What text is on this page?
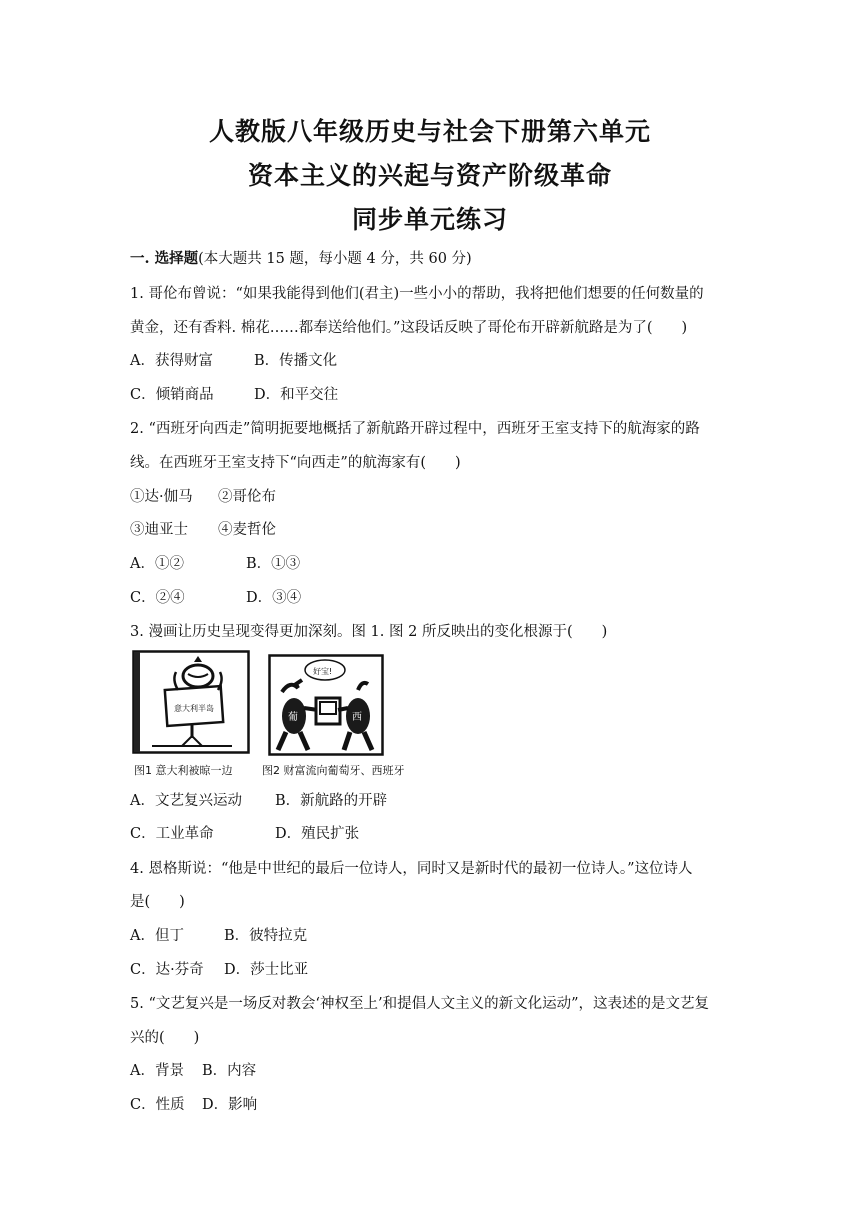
人教版八年级历史与社会下册第六单元
资本主义的兴起与资产阶级革命
同步单元练习
一. 选择题(本大题共 15 题，每小题 4 分，共 60 分)
1. 哥伦布曾说：“如果我能得到他们(君主)一些小小的帮助，我将把他们想要的任何数量的
黄金，还有香料. 棉花……都奉送给他们。”这段话反映了哥伦布开辟新航路是为了(　　)
A．获得财富	B．传播文化
C．倾销商品	D．和平交往
2. “西班牙向西走”简明扼要地概括了新航路开辟过程中，西班牙王室支持下的航海家的路
线。在西班牙王室支持下“向西走”的航海家有(　　)
①达·伽马 ②哥伦布
③迪亚士 ④麦哲伦
A．①②	B．①③
C．②④	D．③④
3. 漫画让历史呈现变得更加深刻。图 1. 图 2 所反映出的变化根源于(　　)
意大利半岛
图1 意大利被晾一边
好宝!
葡	西
图2 财富流向葡萄牙、西班牙
A．文艺复兴运动 B．新航路的开辟
C．工业革命	D．殖民扩张
4. 恩格斯说：“他是中世纪的最后一位诗人，同时又是新时代的最初一位诗人。”这位诗人
是(　　)
A．但丁	B．彼特拉克
C．达·芬奇 D．莎士比亚
5. “文艺复兴是一场反对教会‘神权至上’和提倡人文主义的新文化运动”，这表述的是文艺复
兴的(　　)
A．背景 B．内容
C．性质 D．影响
